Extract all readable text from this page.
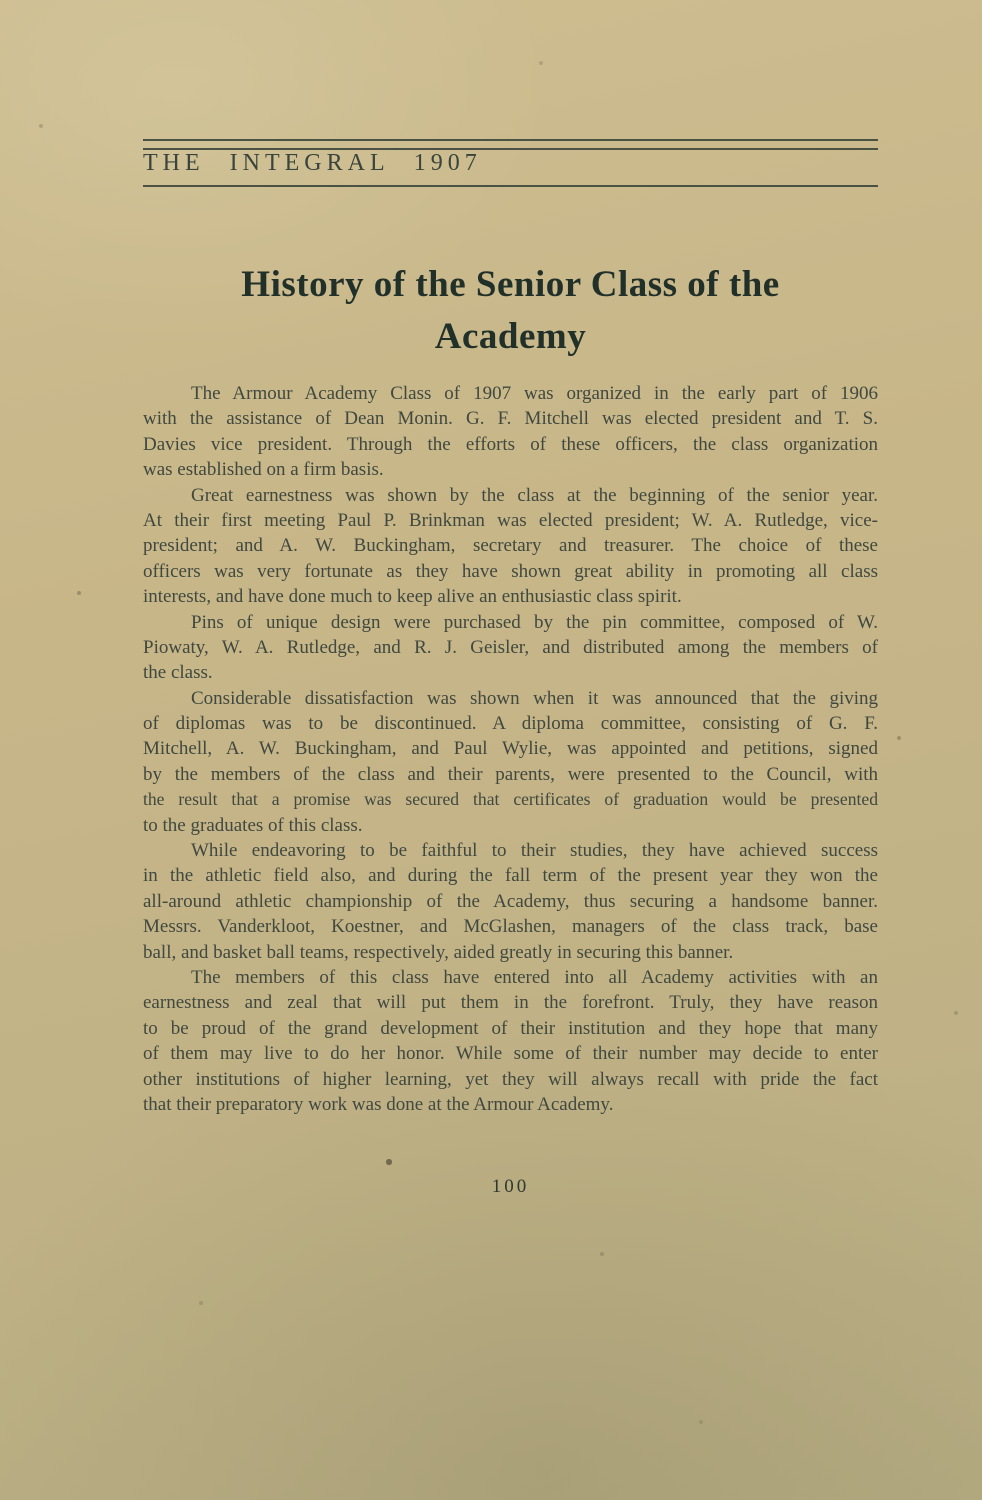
THE INTEGRAL 1907
History of the Senior Class of the
Academy
The Armour Academy Class of 1907 was organized in the early part of 1906
with the assistance of Dean Monin. G. F. Mitchell was elected president and T. S.
Davies vice president. Through the efforts of these officers, the class organization
was established on a firm basis.
Great earnestness was shown by the class at the beginning of the senior year.
At their first meeting Paul P. Brinkman was elected president; W. A. Rutledge, vice-
president; and A. W. Buckingham, secretary and treasurer. The choice of these
officers was very fortunate as they have shown great ability in promoting all class
interests, and have done much to keep alive an enthusiastic class spirit.
Pins of unique design were purchased by the pin committee, composed of W.
Piowaty, W. A. Rutledge, and R. J. Geisler, and distributed among the members of
the class.
Considerable dissatisfaction was shown when it was announced that the giving
of diplomas was to be discontinued. A diploma committee, consisting of G. F.
Mitchell, A. W. Buckingham, and Paul Wylie, was appointed and petitions, signed
by the members of the class and their parents, were presented to the Council, with
the result that a promise was secured that certificates of graduation would be presented
to the graduates of this class.
While endeavoring to be faithful to their studies, they have achieved success
in the athletic field also, and during the fall term of the present year they won the
all-around athletic championship of the Academy, thus securing a handsome banner.
Messrs. Vanderkloot, Koestner, and McGlashen, managers of the class track, base
ball, and basket ball teams, respectively, aided greatly in securing this banner.
The members of this class have entered into all Academy activities with an
earnestness and zeal that will put them in the forefront. Truly, they have reason
to be proud of the grand development of their institution and they hope that many
of them may live to do her honor. While some of their number may decide to enter
other institutions of higher learning, yet they will always recall with pride the fact
that their preparatory work was done at the Armour Academy.
100
